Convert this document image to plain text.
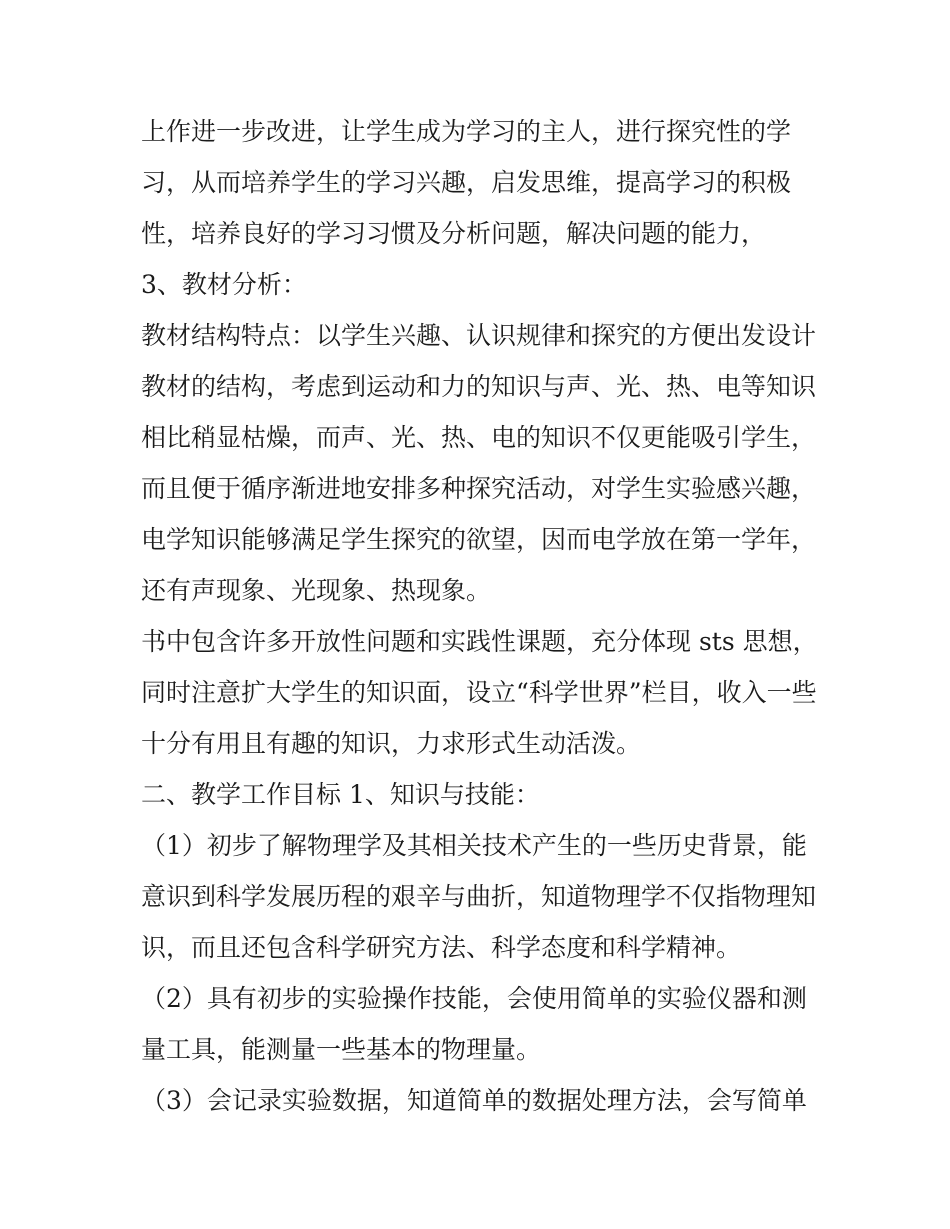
上作进一步改进，让学生成为学习的主人，进行探究性的学
习，从而培养学生的学习兴趣，启发思维，提高学习的积极
性，培养良好的学习习惯及分析问题，解决问题的能力，
3、教材分析：
教材结构特点：以学生兴趣、认识规律和探究的方便出发设计
教材的结构，考虑到运动和力的知识与声、光、热、电等知识
相比稍显枯燥，而声、光、热、电的知识不仅更能吸引学生，
而且便于循序渐进地安排多种探究活动，对学生实验感兴趣，
电学知识能够满足学生探究的欲望，因而电学放在第一学年，
还有声现象、光现象、热现象。
书中包含许多开放性问题和实践性课题，充分体现 sts 思想，
同时注意扩大学生的知识面，设立“科学世界”栏目，收入一些
十分有用且有趣的知识，力求形式生动活泼。
二、教学工作目标 1、知识与技能：
（1）初步了解物理学及其相关技术产生的一些历史背景，能
意识到科学发展历程的艰辛与曲折，知道物理学不仅指物理知
识，而且还包含科学研究方法、科学态度和科学精神。
（2）具有初步的实验操作技能，会使用简单的实验仪器和测
量工具，能测量一些基本的物理量。
（3）会记录实验数据，知道简单的数据处理方法，会写简单
